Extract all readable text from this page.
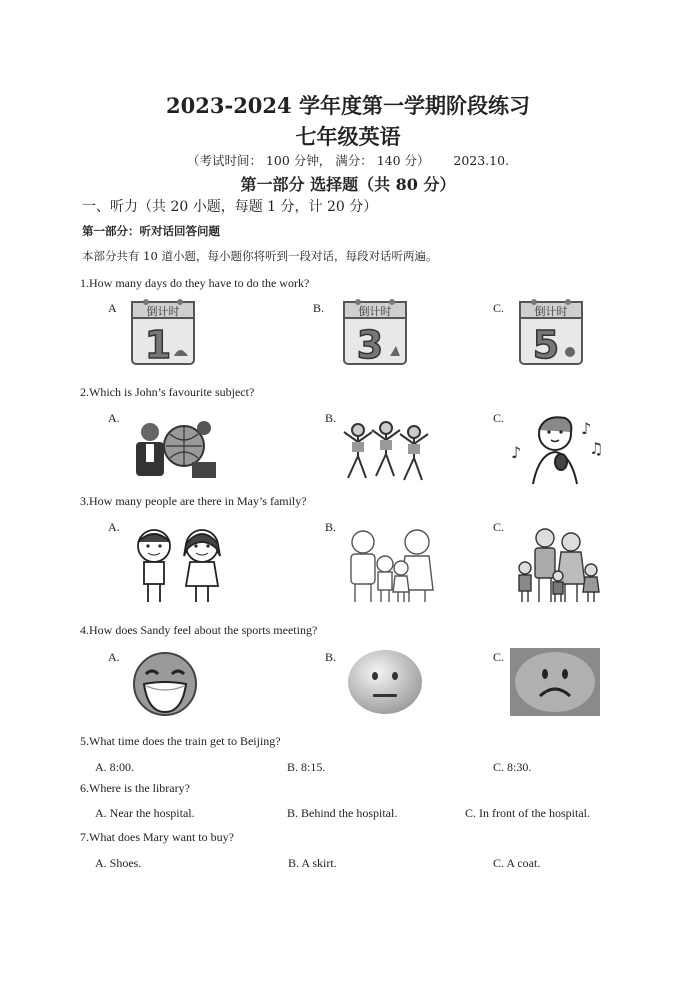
2023-2024 学年度第一学期阶段练习
七年级英语
（考试时间： 100 分钟， 满分： 140 分） 2023.10.
第一部分 选择题（共 80 分）
一、听力（共 20 小题，每题 1 分，计 20 分）
第一部分：听对话回答问题
本部分共有 10 道小题，每小题你将听到一段对话，每段对话听两遍。
1.How many days do they have to do the work?
A	B.	C.
倒计时
1
倒计时
3
倒计时
5
2.Which is John’s favourite subject?
A.	B.	C.
♪
♫
♪
3.How many people are there in May’s family?
A.	B.	C.
4.How does Sandy feel about the sports meeting?
A.	B.	C.
5.What time does the train get to Beijing?
A. 8:00.	B. 8:15.	C. 8:30.
6.Where is the library?
A. Near the hospital.	B. Behind the hospital.	C. In front of the hospital.
7.What does Mary want to buy?
A. Shoes.	B. A skirt.	C. A coat.
